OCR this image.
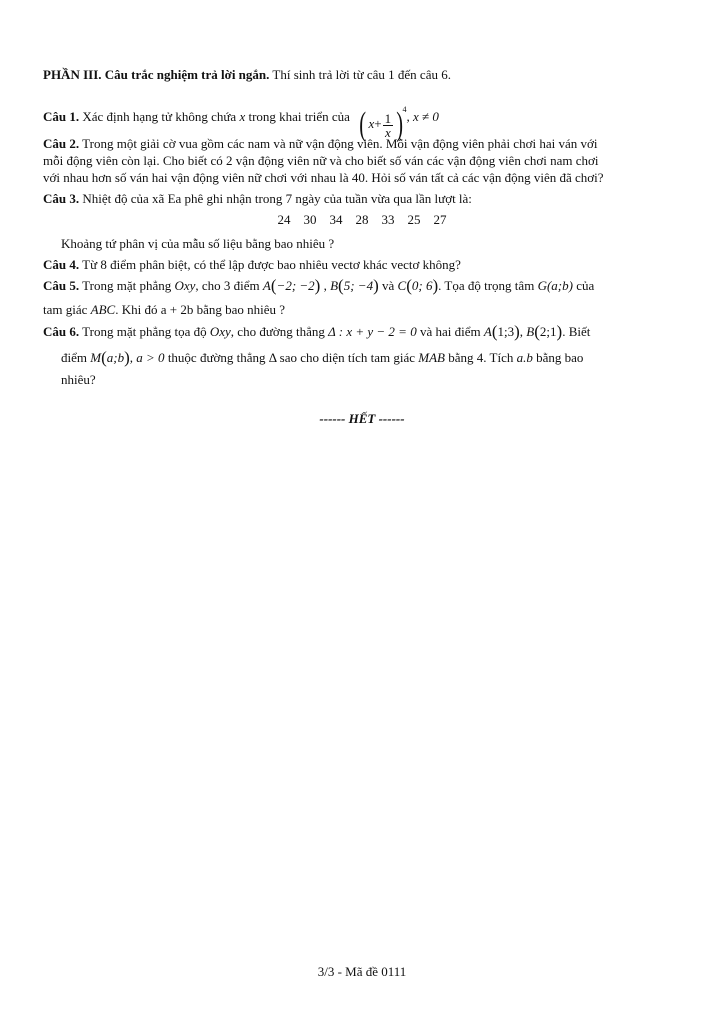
PHẦN III. Câu trắc nghiệm trả lời ngắn. Thí sinh trả lời từ câu 1 đến câu 6.
Câu 1. Xác định hạng tử không chứa x trong khai triển của ( $x+ \frac{1}{x} )^4$, x ≠ 0
Câu 2. Trong một giải cờ vua gồm các nam và nữ vận động viên. Mỗi vận động viên phải chơi hai ván với
mỗi động viên còn lại. Cho biết có 2 vận động viên nữ và cho biết số ván các vận động viên chơi nam chơi
với nhau hơn số ván hai vận động viên nữ chơi với nhau là 40. Hỏi số ván tất cả các vận động viên đã chơi?
Câu 3. Nhiệt độ của xã Ea phê ghi nhận trong 7 ngày của tuần vừa qua lần lượt là:
24    30    34    28    33    25    27
Khoảng tứ phân vị của mẫu số liệu bằng bao nhiêu ?
Câu 4. Từ 8 điểm phân biệt, có thể lập được bao nhiêu vectơ khác vectơ không?
Câu 5. Trong mặt phẳng Oxy, cho 3 điểm A(−2; −2) , B(5; −4) và C(0; 6). Tọa độ trọng tâm G(a;b) của
tam giác ABC. Khi đó a + 2b bằng bao nhiêu ?
Câu 6. Trong mặt phẳng tọa độ Oxy, cho đường thẳng Δ : x + y − 2 = 0 và hai điểm A(1;3), B(2;1). Biết
điểm M(a;b), a > 0 thuộc đường thẳng Δ sao cho diện tích tam giác MAB bằng 4. Tích a.b bằng bao
nhiêu?
------ HẾT ------
3/3 - Mã đề 0111
